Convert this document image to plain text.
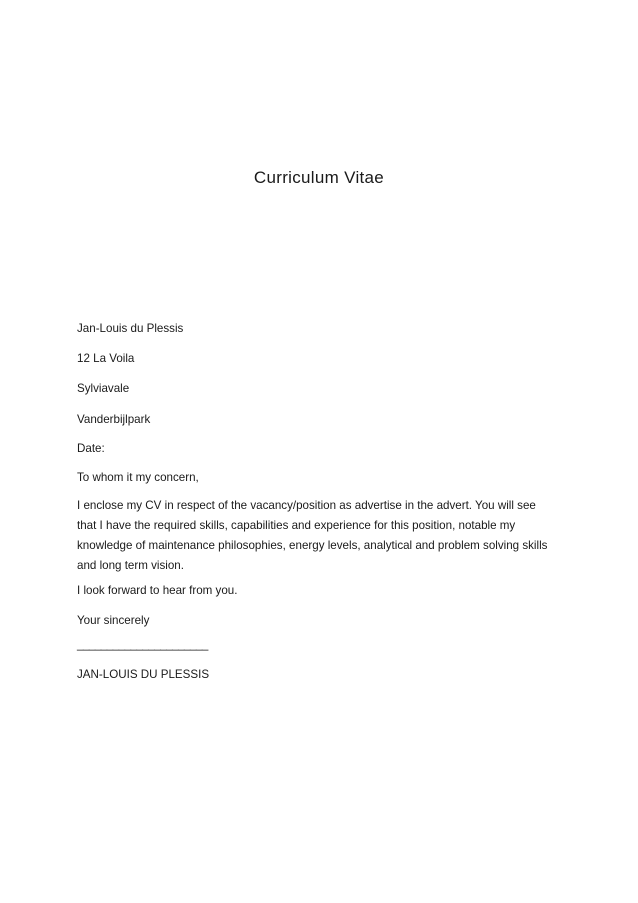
Curriculum Vitae
Jan-Louis du Plessis
12 La Voila
Sylviavale
Vanderbijlpark
Date:
To whom it my concern,
I enclose my CV in respect of the vacancy/position as advertise in the advert. You will see
that I have the required skills, capabilities and experience for this position, notable my
knowledge of maintenance philosophies, energy levels, analytical and problem solving skills
and long term vision.
I look forward to hear from you.
Your sincerely
______________________
JAN-LOUIS DU PLESSIS
